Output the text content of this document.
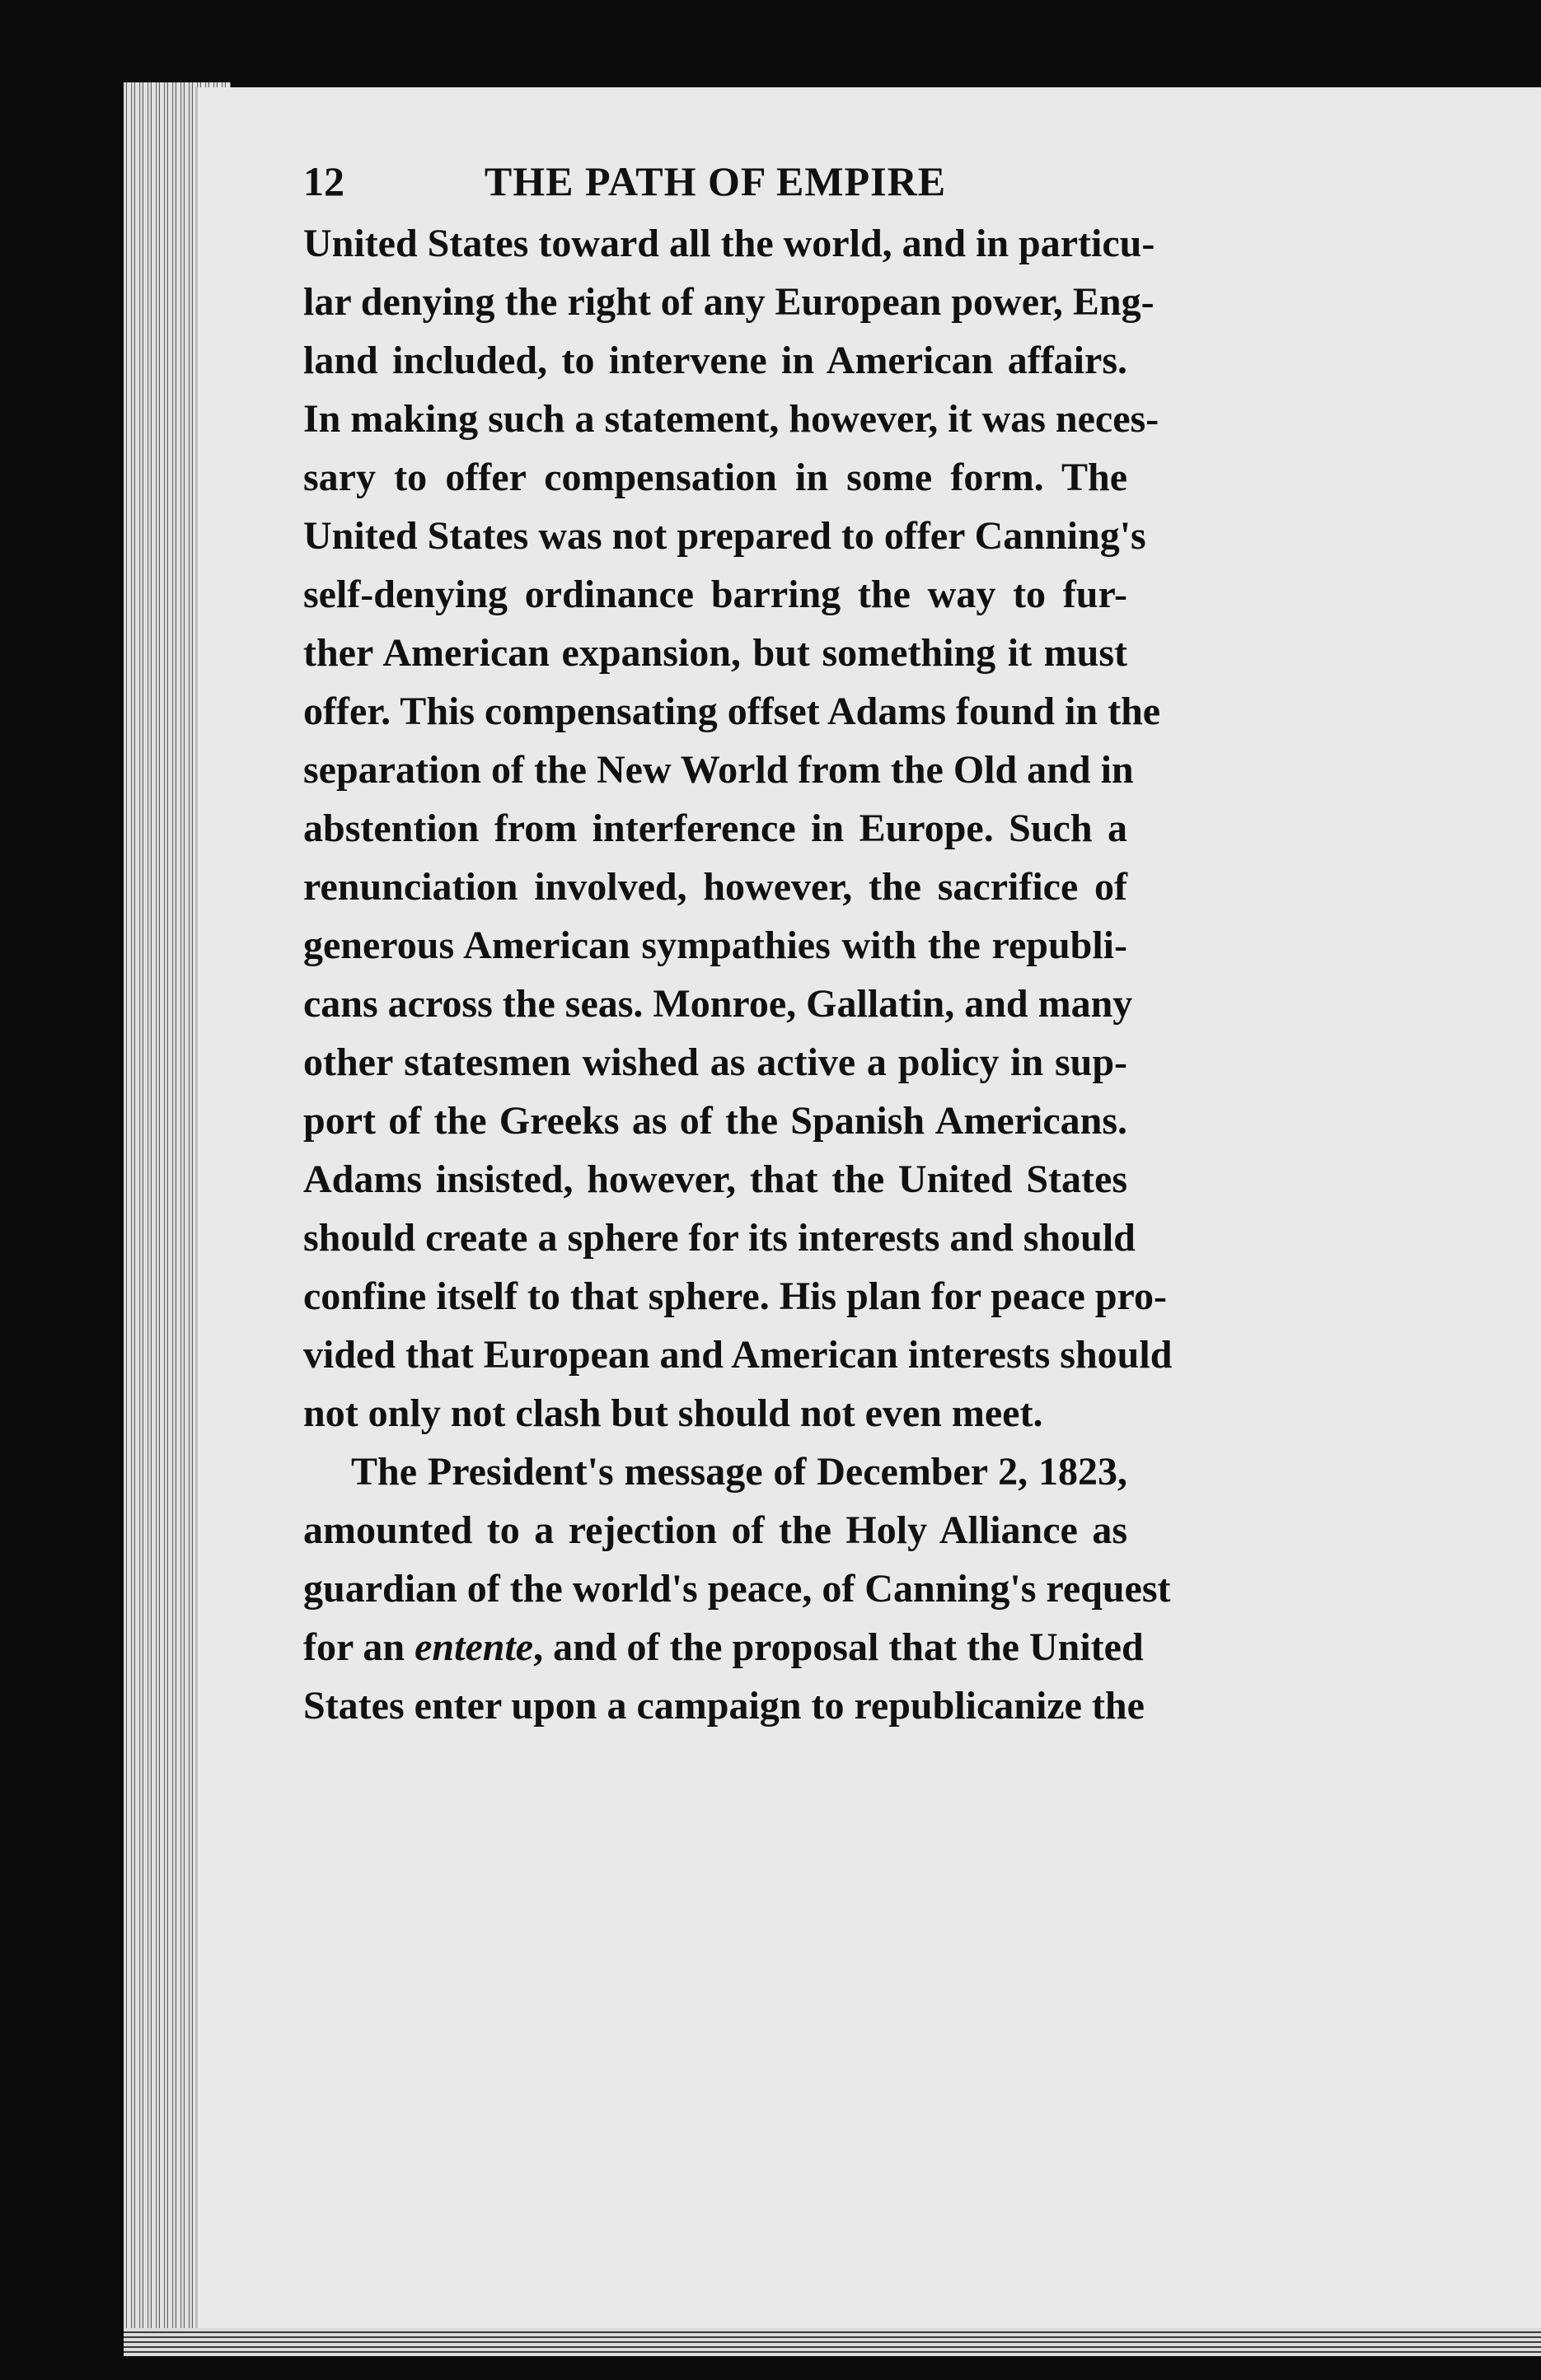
12	THE PATH OF EMPIRE
United States toward all the world, and in particu-
lar denying the right of any European power, Eng-
land included, to intervene in American affairs.
In making such a statement, however, it was neces-
sary to offer compensation in some form. The
United States was not prepared to offer Canning's
self-denying ordinance barring the way to fur-
ther American expansion, but something it must
offer. This compensating offset Adams found in the
separation of the New World from the Old and in
abstention from interference in Europe. Such a
renunciation involved, however, the sacrifice of
generous American sympathies with the republi-
cans across the seas. Monroe, Gallatin, and many
other statesmen wished as active a policy in sup-
port of the Greeks as of the Spanish Americans.
Adams insisted, however, that the United States
should create a sphere for its interests and should
confine itself to that sphere. His plan for peace pro-
vided that European and American interests should
not only not clash but should not even meet.
The President's message of December 2, 1823,
amounted to a rejection of the Holy Alliance as
guardian of the world's peace, of Canning's request
for an entente, and of the proposal that the United
States enter upon a campaign to republicanize the
